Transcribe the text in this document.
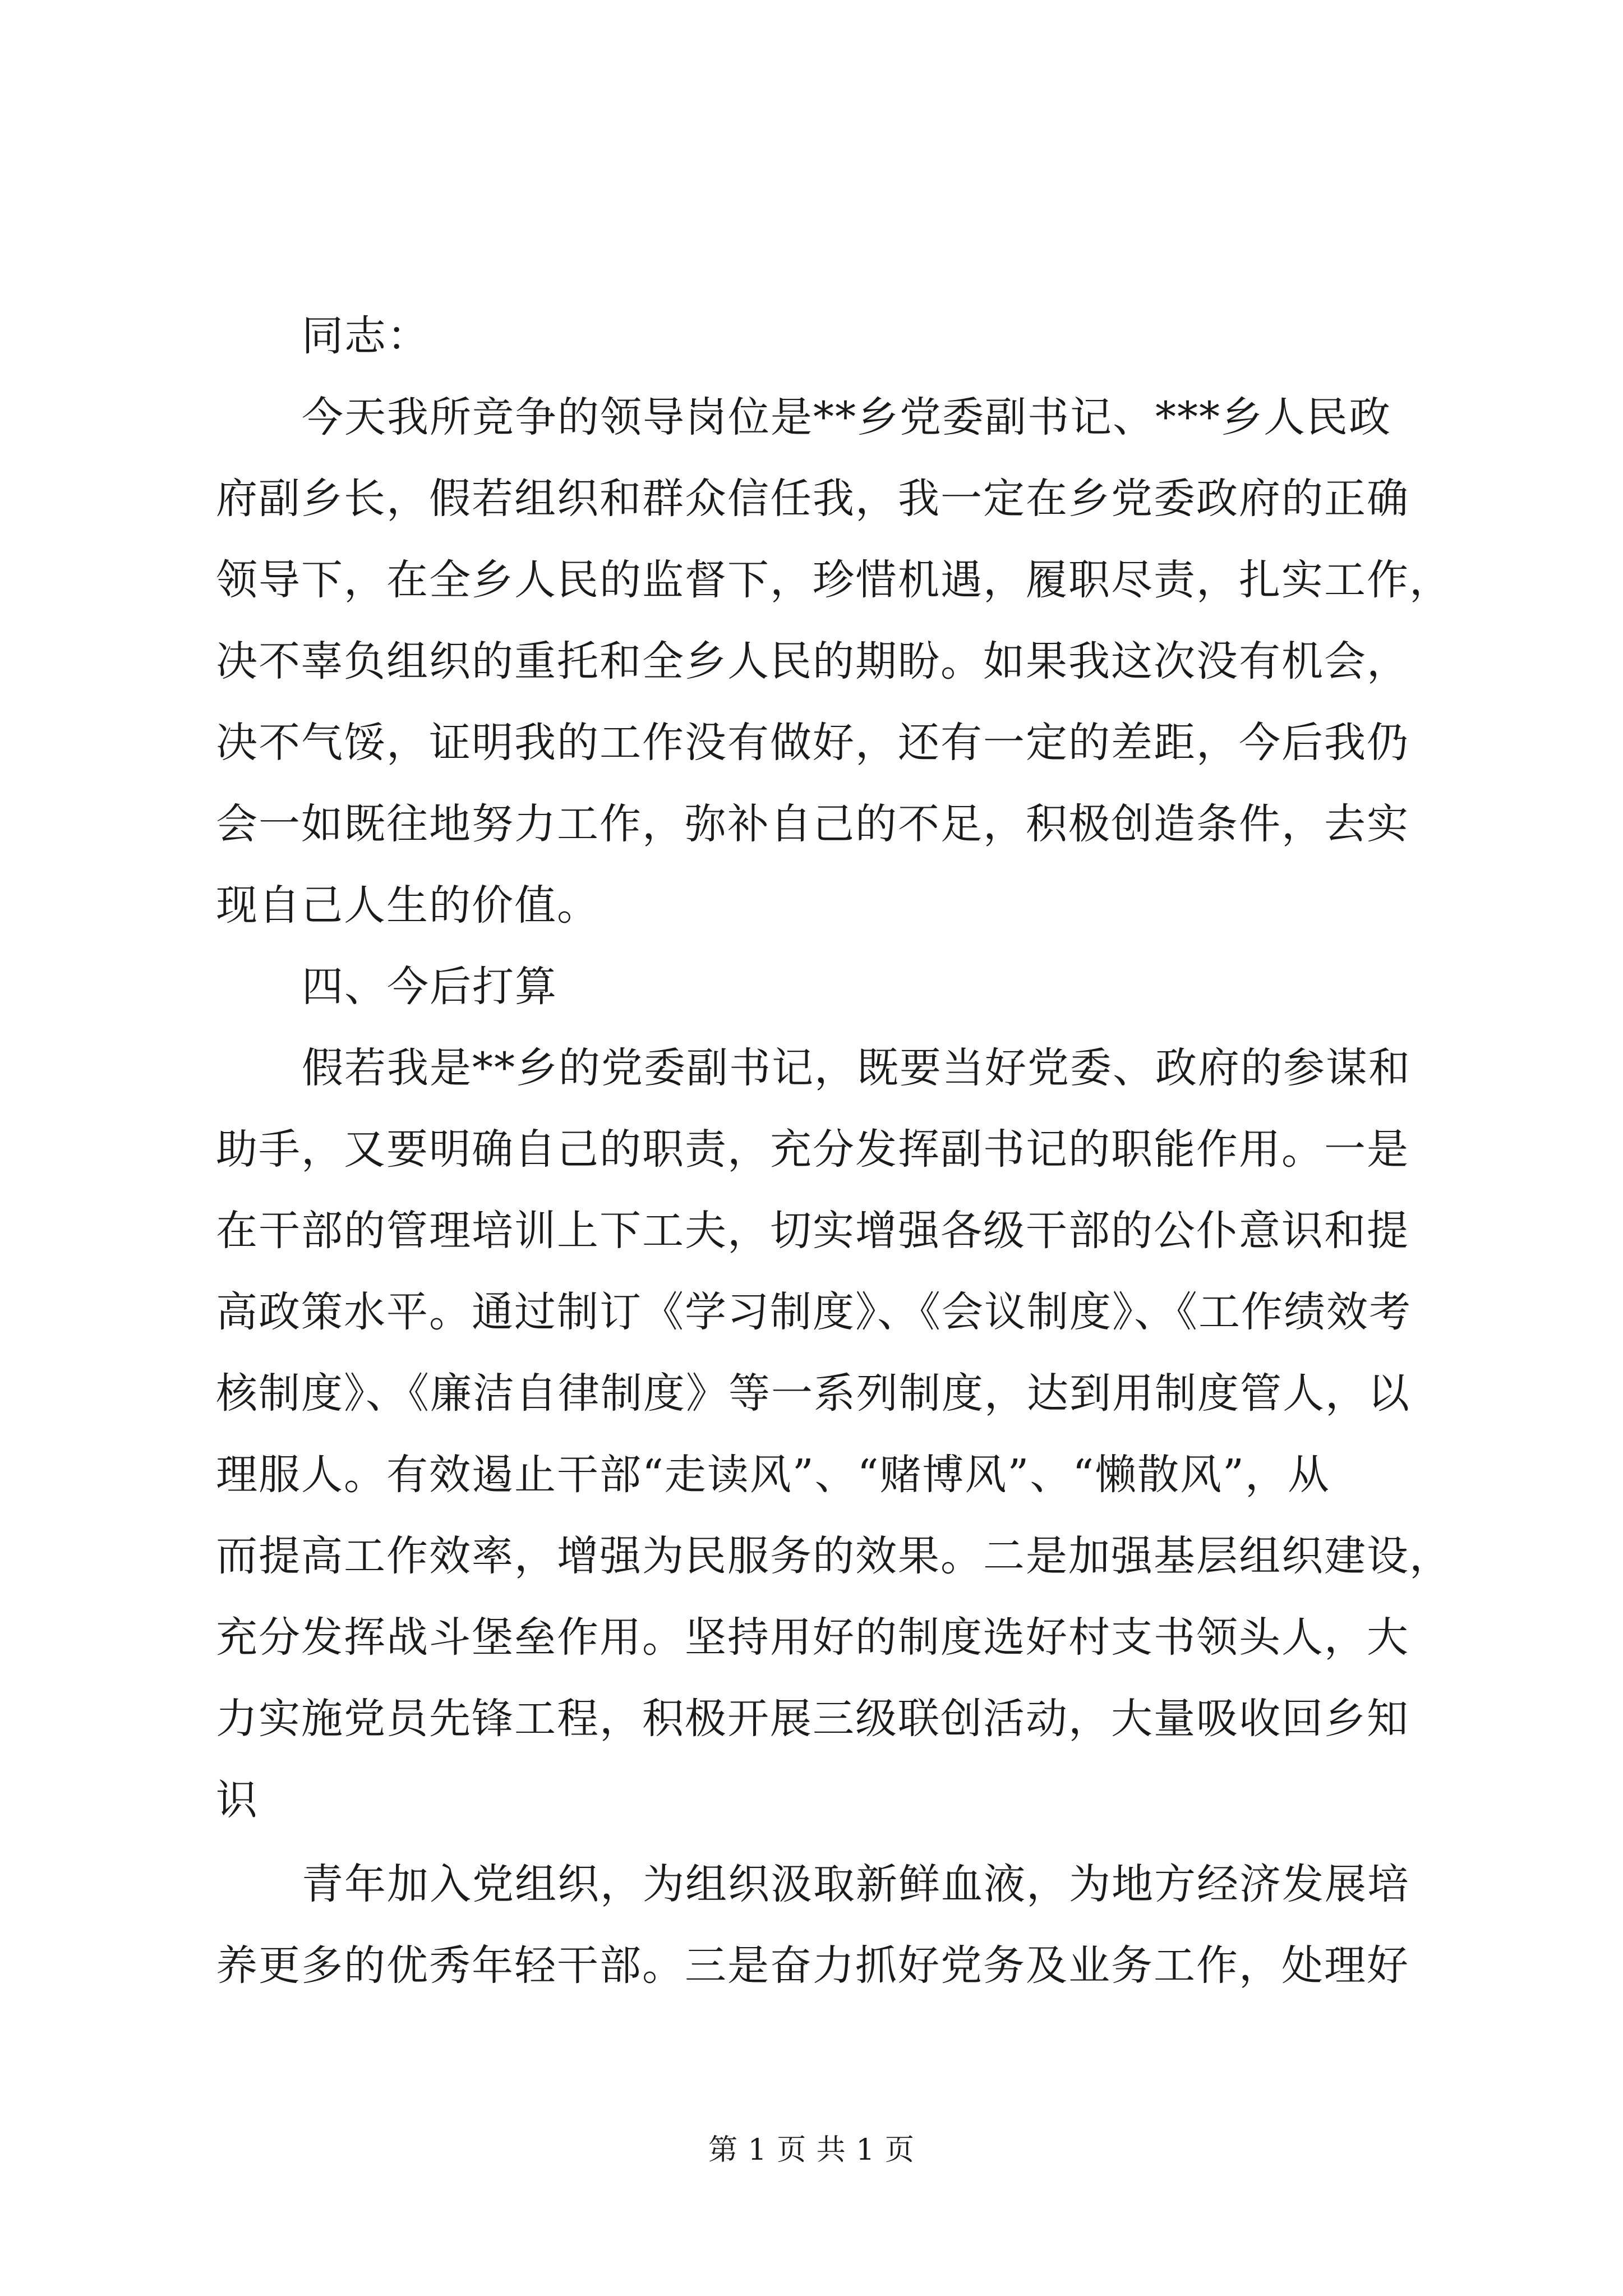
同志：
今天我所竞争的领导岗位是**乡党委副书记、***乡人民政
府副乡长，假若组织和群众信任我，我一定在乡党委政府的正确
领导下，在全乡人民的监督下，珍惜机遇，履职尽责，扎实工作，
决不辜负组织的重托和全乡人民的期盼。如果我这次没有机会，
决不气馁，证明我的工作没有做好，还有一定的差距，今后我仍
会一如既往地努力工作，弥补自己的不足，积极创造条件，去实
现自己人生的价值。
四、今后打算
假若我是**乡的党委副书记，既要当好党委、政府的参谋和
助手，又要明确自己的职责，充分发挥副书记的职能作用。一是
在干部的管理培训上下工夫，切实增强各级干部的公仆意识和提
高政策水平。通过制订《学习制度》、《会议制度》、《工作绩效考
核制度》、《廉洁自律制度》等一系列制度，达到用制度管人，以
理服人。有效遏止干部“走读风”、“赌博风”、“懒散风”，从
而提高工作效率，增强为民服务的效果。二是加强基层组织建设，
充分发挥战斗堡垒作用。坚持用好的制度选好村支书领头人，大
力实施党员先锋工程，积极开展三级联创活动，大量吸收回乡知
识
青年加入党组织，为组织汲取新鲜血液，为地方经济发展培
养更多的优秀年轻干部。三是奋力抓好党务及业务工作，处理好
第 1 页 共 1 页
